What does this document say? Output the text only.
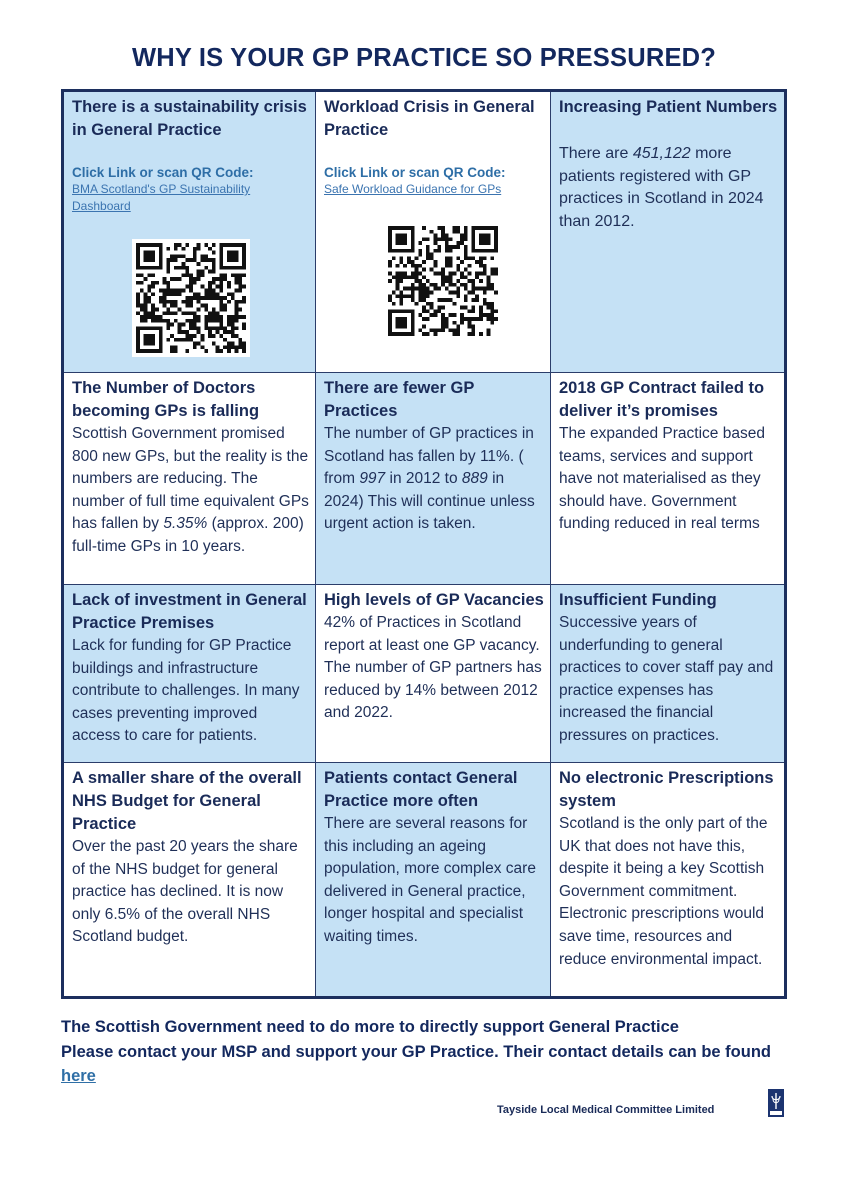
WHY IS YOUR GP PRACTICE SO PRESSURED?
There is a sustainability crisis in General Practice
Click Link or scan QR Code:
BMA Scotland's GP Sustainability Dashboard
Workload Crisis in General Practice
Click Link or scan QR Code:
Safe Workload Guidance for GPs
Increasing Patient Numbers
There are 451,122 more patients registered with GP practices in Scotland in 2024 than 2012.
The Number of Doctors becoming GPs is falling
Scottish Government promised 800 new GPs, but the reality is the numbers are reducing. The number of full time equivalent GPs has fallen by 5.35% (approx. 200) full-time GPs in 10 years.
There are fewer GP Practices
The number of GP practices in Scotland has fallen by 11%. ( from 997 in 2012 to 889 in 2024) This will continue unless urgent action is taken.
2018 GP Contract failed to deliver it’s promises
The expanded Practice based teams, services and support have not materialised as they should have. Government funding reduced in real terms
Lack of investment in General Practice Premises
Lack for funding for GP Practice buildings and infrastructure contribute to challenges. In many cases preventing improved access to care for patients.
High levels of GP Vacancies
42% of Practices in Scotland report at least one GP vacancy. The number of GP partners has reduced by 14% between 2012 and 2022.
Insufficient Funding
Successive years of underfunding to general practices to cover staff pay and practice expenses has increased the financial pressures on practices.
A smaller share of the overall NHS Budget for General Practice
Over the past 20 years the share of the NHS budget for general practice has declined. It is now only 6.5% of the overall NHS Scotland budget.
Patients contact General Practice more often
There are several reasons for this including an ageing population, more complex care delivered in General practice, longer hospital and specialist waiting times.
No electronic Prescriptions system
Scotland is the only part of the UK that does not have this, despite it being a key Scottish Government commitment. Electronic prescriptions would save time, resources and reduce environmental impact.
The Scottish Government need to do more to directly support General Practice
Please contact your MSP and support your GP Practice. Their contact details can be found here
Tayside Local Medical Committee Limited
